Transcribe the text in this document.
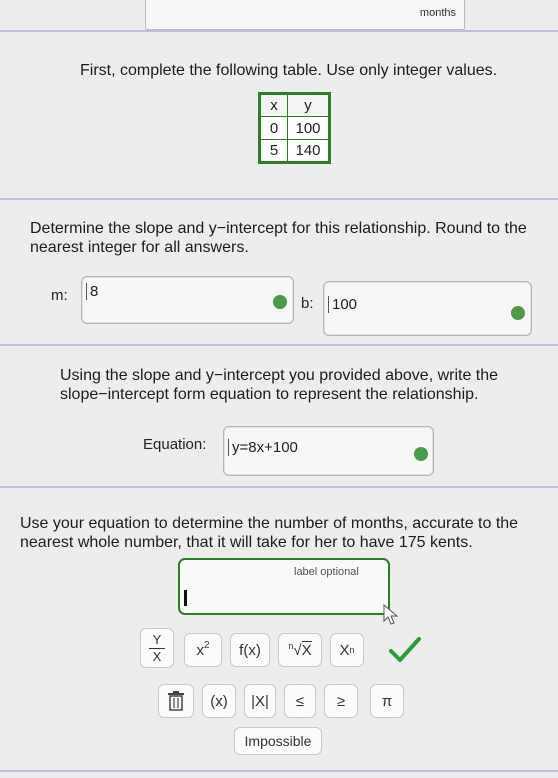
months
First, complete the following table. Use only integer values.
x	y
0	100
5	140
Determine the slope and y−intercept for this relationship. Round to the nearest integer for all answers.
m: 8
b: 100
Using the slope and y−intercept you provided above, write the slope−intercept form equation to represent the relationship.
Equation: y=8x+100
Use your equation to determine the number of months, accurate to the nearest whole number, that it will take for her to have 175 kents.
label optional
Y
X $x^2$	f(x)	n √ X X n
(x)	|X|	≤	≥	π
Impossible
